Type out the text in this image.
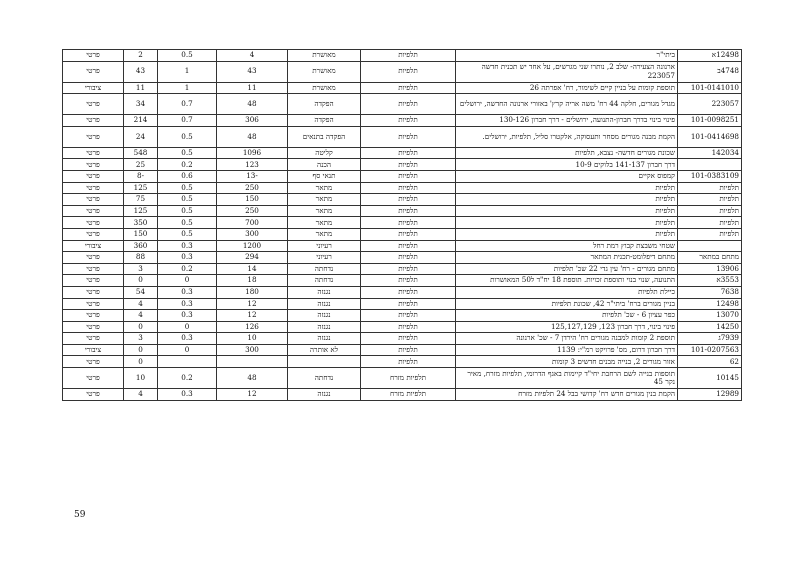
12498א	ביתי"ר	תלפיות	מאושרת	4	0.5	2	פרטי
4748ב	ארנונה הצעירה- שלב 2, נותרו שני מגרשים, על אחד יש תכנית חדשה 223057	תלפיות	מאושרת	43	1	43	פרטי
101-0141010	תוספת קומות על בניין קיים לשימור, רח' אפרתה 26	תלפיות	מאושרת	11	1	11	ציבורי
223057	מגדל מגורים, חלקה 44 רח' משה אריה קרץ' באזורי ארנונה החדשה, ירושלים	תלפיות	הפקדה	48	0.7	34	פרטי
101-0098251	פינוי בינוי בדרך חברון-התנועה, ירושלים - דרך חברון 130-126	תלפיות	הפקדה	306	0.7	214	פרטי
101-0414698	הקמת מבנה מגורים מסחר ותעסוקה, אלקטרו סליל, תלפיות, ירושלים.	תלפיות	הפקדה בתנאים	48	0.5	24	פרטי
142034	שכונת מגורים חדשה- נצבא, תלפיות	תלפיות	קליטה	1096	0.5	548	פרטי
	דרך חברון 141-137 בלוקים 10-9	תלפיות	הכנה	123	0.2	25	פרטי
101-0383109	קמפוס אקיים	תלפיות	תנאי סף	-13	0.6	-8	פרטי
תלפיות	תלפיות	תלפיות	מתאר	250	0.5	125	פרטי
תלפיות	תלפיות	תלפיות	מתאר	150	0.5	75	פרטי
תלפיות	תלפיות	תלפיות	מתאר	250	0.5	125	פרטי
תלפיות	תלפיות	תלפיות	מתאר	700	0.5	350	פרטי
תלפיות	תלפיות	תלפיות	מתאר	300	0.5	150	פרטי
	שטחי משבצת קבוץ רמת רחל	תלפיות	רעיוני	1200	0.3	360	ציבורי
מתחם במתאר	מתחם דיפלומט-תכנית המתאר	תלפיות	רעיוני	294	0.3	88	פרטי
13906	מתחם מגורים - רח' עין גדי 22 שכ' תלפיות	תלפיות	נדחתה	14	0.2	3	פרטי
3553א	התנועה, שנוי בנוי ותוספת זכויות. תוספת 18 יח"ד ל50 המאושרות	תלפיות	נדחתה	18	0	0	פרטי
7638	כיילת תלפיות	תלפיות	נגנזה	180	0.3	54	פרטי
12498	בניין מגורים ברח' ביתי"ר 42, שכונת תלפיות	תלפיות	נגנזה	12	0.3	4	פרטי
13070	כפר עציון 6 - שכ' תלפיות	תלפיות	נגנזה	12	0.3	4	פרטי
14250	פינוי בינוי, דרך חברון 123, 125,127,129	תלפיות	נגנזה	126	0	0	פרטי
7939ג	תוספת 2 קומות למבנה מגורים רח' הירדן 7 - שכ' ארנונה	תלפיות	נגנזה	10	0.3	3	פרטי
101-0207563	דרך חברון דרום, מס' פרויקט רמ"י: 1139	תלפיות	לא אותרה	300	0	0	ציבורי
62	אזור מגורים 2, בנייה מבנים חדשים 3 קומות	תלפיות				0	פרטי
10145	תוספות בנייה לשם הרחבת יחי"ד קיימות באגף הדרומי, תלפיות מזרח, מאיר נקר 45	תלפיות מזרח	נדחתה	48	0.2	10	פרטי
12989	הקמת בנין מגורים חדש רח' קדושי בבל 24 תלפיות מזרח	תלפיות מזרח	נגנזה	12	0.3	4	פרטי
59
